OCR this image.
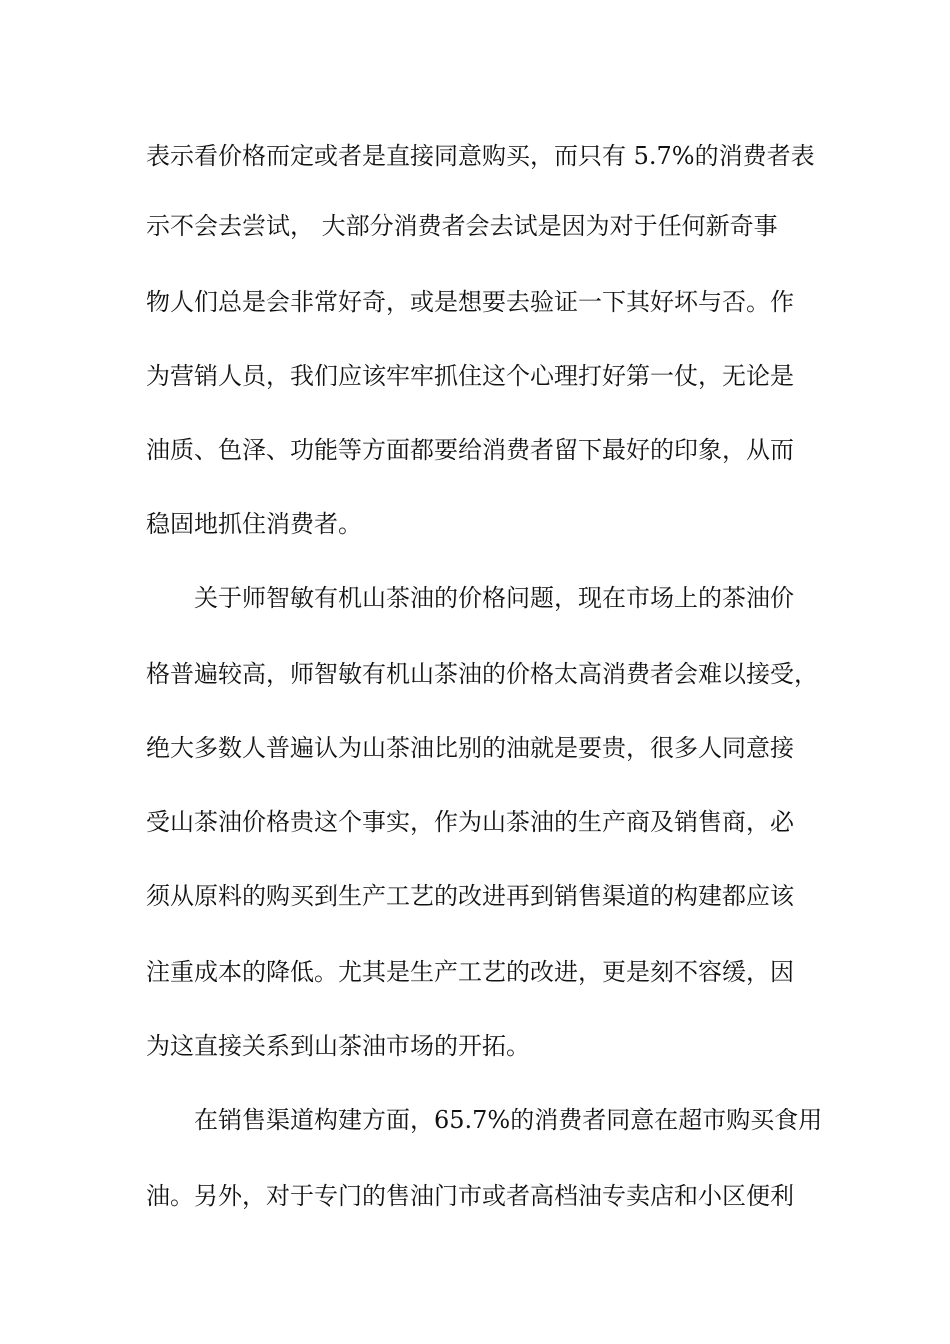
表示看价格而定或者是直接同意购买，而只有 5.7%的消费者表
示不会去尝试， 大部分消费者会去试是因为对于任何新奇事
物人们总是会非常好奇，或是想要去验证一下其好坏与否。作
为营销人员，我们应该牢牢抓住这个心理打好第一仗，无论是
油质、色泽、功能等方面都要给消费者留下最好的印象，从而
稳固地抓住消费者。
关于师智敏有机山茶油的价格问题，现在市场上的茶油价
格普遍较高，师智敏有机山茶油的价格太高消费者会难以接受，
绝大多数人普遍认为山茶油比别的油就是要贵，很多人同意接
受山茶油价格贵这个事实，作为山茶油的生产商及销售商，必
须从原料的购买到生产工艺的改进再到销售渠道的构建都应该
注重成本的降低。尤其是生产工艺的改进，更是刻不容缓，因
为这直接关系到山茶油市场的开拓。
在销售渠道构建方面，65.7%的消费者同意在超市购买食用
油。另外，对于专门的售油门市或者高档油专卖店和小区便利
